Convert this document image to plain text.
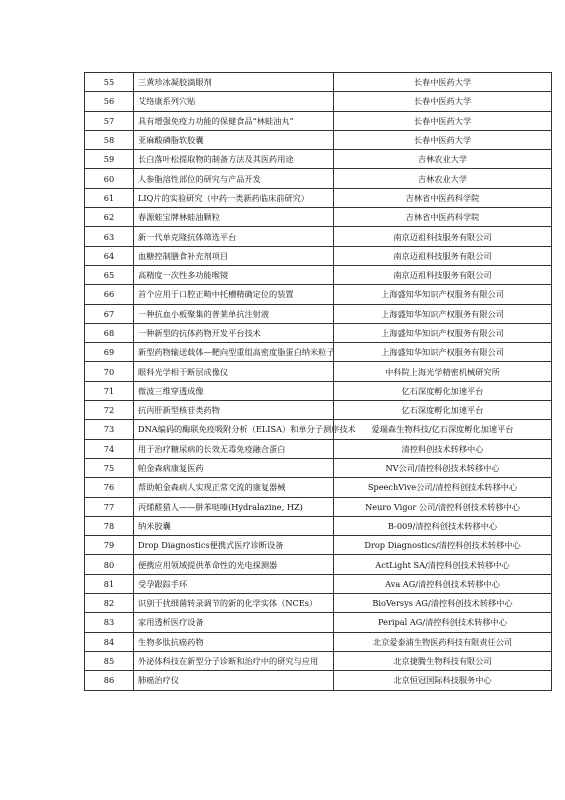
55	三黄珍冰凝胶滴眼剂	长春中医药大学
56	艾络康系列穴贴	长春中医药大学
57	具有增强免疫力功能的保健食品“林蛙油丸”	长春中医药大学
58	亚麻酸磷脂软胶囊	长春中医药大学
59	长白落叶松提取物的制备方法及其医药用途	吉林农业大学
60	人参脂溶性部位的研究与产品开发	吉林农业大学
61	LIQ片的实验研究（中药一类新药临床前研究）	吉林省中医药科学院
62	春源蛙宝牌林蛙油颗粒	吉林省中医药科学院
63	新一代单克隆抗体筛选平台	南京迈祖科技服务有限公司
64	血糖控制膳食补充剂项目	南京迈祖科技服务有限公司
65	高精度一次性多功能喉镜	南京迈祖科技服务有限公司
66	首个应用于口腔正畸中托槽精确定位的装置	上海盛知华知识产权服务有限公司
67	一种抗血小板聚集的普莱单抗注射液	上海盛知华知识产权服务有限公司
68	一种新型的抗体药物开发平台技术	上海盛知华知识产权服务有限公司
69	新型药物输送载体—靶向型重组高密度脂蛋白纳米粒子	上海盛知华知识产权服务有限公司
70	眼科光学相干断层成像仪	中科院上海光学精密机械研究所
71	微波三维穿透成像	亿石深度孵化加速平台
72	抗丙肝新型核苷类药物	亿石深度孵化加速平台
73	DNA编码的酶联免疫吸附分析（ELISA）和单分子测序技术	爱瑞森生物科技/亿石深度孵化加速平台
74	用于治疗糖尿病的长效无毒免疫融合蛋白	清控科创技术转移中心
75	帕金森病康复医药	NV公司/清控科创技术转移中心
76	帮助帕金森病人实现正常交流的康复器械	SpeechVive公司/清控科创技术转移中心
77	丙烯醛猎人——肼苯哒嗪(Hydralazine, HZ)	Neuro Vigor 公司/清控科创技术转移中心
78	纳米胶囊	B-009/清控科创技术转移中心
79	Drop Diagnostics便携式医疗诊断设备	Drop Diagnostics/清控科创技术转移中心
80	便携应用领域提供革命性的光电探测器	ActLight SA/清控科创技术转移中心
81	受孕跟踪手环	Ava AG/清控科创技术转移中心
82	识别干扰细菌转录调节的新的化学实体（NCEs）	BioVersys AG/清控科创技术转移中心
83	家用透析医疗设备	Peripal AG/清控科创技术转移中心
84	生物多肽抗癌药物	北京爱泰浦生物医药科技有限责任公司
85	外泌体科技在新型分子诊断和治疗中的研究与应用	北京捷腾生物科技有限公司
86	肺癌治疗仪	北京恒冠国际科技服务中心
